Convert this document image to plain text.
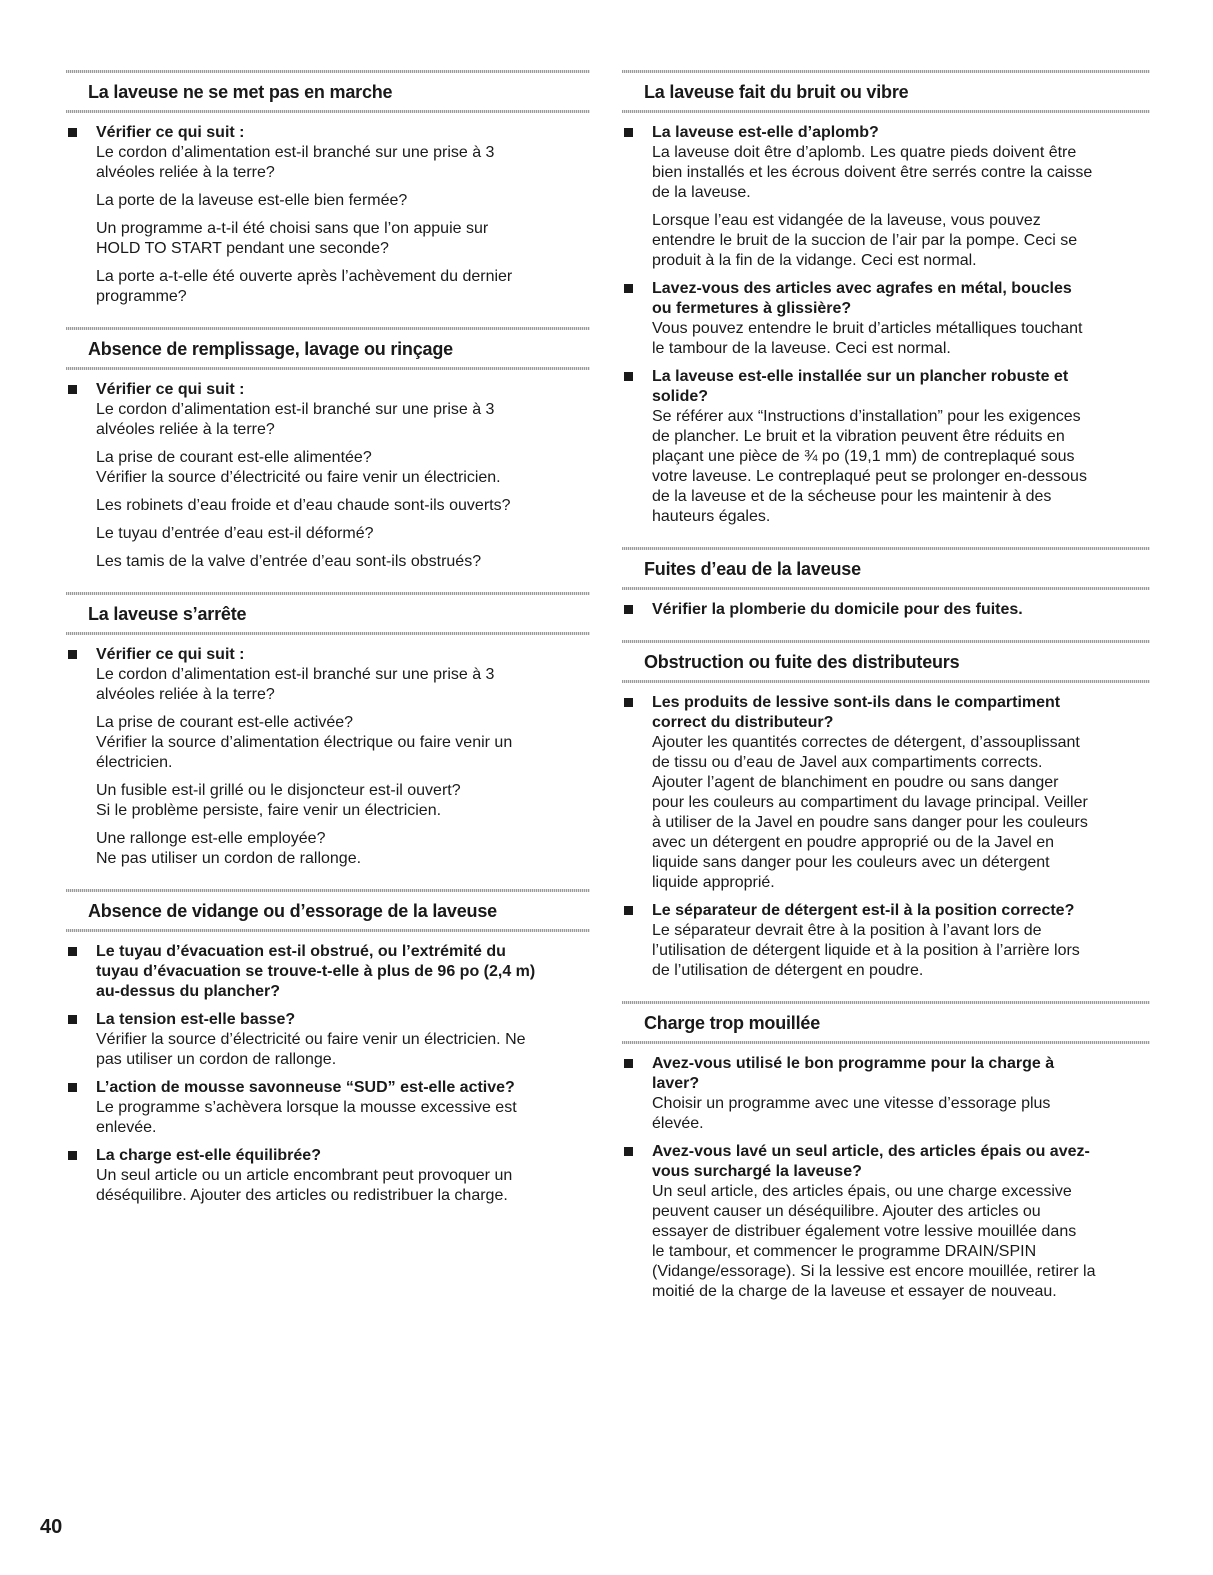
La laveuse ne se met pas en marche
Vérifier ce qui suit :
Le cordon d’alimentation est-il branché sur une prise à 3
alvéoles reliée à la terre?
La porte de la laveuse est-elle bien fermée?
Un programme a-t-il été choisi sans que l’on appuie sur
HOLD TO START pendant une seconde?
La porte a-t-elle été ouverte après l’achèvement du dernier
programme?
Absence de remplissage, lavage ou rinçage
Vérifier ce qui suit :
Le cordon d’alimentation est-il branché sur une prise à 3
alvéoles reliée à la terre?
La prise de courant est-elle alimentée?
Vérifier la source d’électricité ou faire venir un électricien.
Les robinets d’eau froide et d’eau chaude sont-ils ouverts?
Le tuyau d’entrée d’eau est-il déformé?
Les tamis de la valve d’entrée d’eau sont-ils obstrués?
La laveuse s’arrête
Vérifier ce qui suit :
Le cordon d’alimentation est-il branché sur une prise à 3
alvéoles reliée à la terre?
La prise de courant est-elle activée?
Vérifier la source d’alimentation électrique ou faire venir un
électricien.
Un fusible est-il grillé ou le disjoncteur est-il ouvert?
Si le problème persiste, faire venir un électricien.
Une rallonge est-elle employée?
Ne pas utiliser un cordon de rallonge.
Absence de vidange ou d’essorage de la laveuse
Le tuyau d’évacuation est-il obstrué, ou l’extrémité du
tuyau d’évacuation se trouve-t-elle à plus de 96 po (2,4 m)
au-dessus du plancher?
La tension est-elle basse?
Vérifier la source d’électricité ou faire venir un électricien. Ne
pas utiliser un cordon de rallonge.
L’action de mousse savonneuse “SUD” est-elle active?
Le programme s’achèvera lorsque la mousse excessive est
enlevée.
La charge est-elle équilibrée?
Un seul article ou un article encombrant peut provoquer un
déséquilibre. Ajouter des articles ou redistribuer la charge.
La laveuse fait du bruit ou vibre
La laveuse est-elle d’aplomb?
La laveuse doit être d’aplomb. Les quatre pieds doivent être
bien installés et les écrous doivent être serrés contre la caisse
de la laveuse.
Lorsque l’eau est vidangée de la laveuse, vous pouvez
entendre le bruit de la succion de l’air par la pompe. Ceci se
produit à la fin de la vidange. Ceci est normal.
Lavez-vous des articles avec agrafes en métal, boucles
ou fermetures à glissière?
Vous pouvez entendre le bruit d’articles métalliques touchant
le tambour de la laveuse. Ceci est normal.
La laveuse est-elle installée sur un plancher robuste et
solide?
Se référer aux “Instructions d’installation” pour les exigences
de plancher. Le bruit et la vibration peuvent être réduits en
plaçant une pièce de ¾ po (19,1 mm) de contreplaqué sous
votre laveuse. Le contreplaqué peut se prolonger en-dessous
de la laveuse et de la sécheuse pour les maintenir à des
hauteurs égales.
Fuites d’eau de la laveuse
Vérifier la plomberie du domicile pour des fuites.
Obstruction ou fuite des distributeurs
Les produits de lessive sont-ils dans le compartiment
correct du distributeur?
Ajouter les quantités correctes de détergent, d’assouplissant
de tissu ou d’eau de Javel aux compartiments corrects.
Ajouter l’agent de blanchiment en poudre ou sans danger
pour les couleurs au compartiment du lavage principal. Veiller
à utiliser de la Javel en poudre sans danger pour les couleurs
avec un détergent en poudre approprié ou de la Javel en
liquide sans danger pour les couleurs avec un détergent
liquide approprié.
Le séparateur de détergent est-il à la position correcte?
Le séparateur devrait être à la position à l’avant lors de
l’utilisation de détergent liquide et à la position à l’arrière lors
de l’utilisation de détergent en poudre.
Charge trop mouillée
Avez-vous utilisé le bon programme pour la charge à
laver?
Choisir un programme avec une vitesse d’essorage plus
élevée.
Avez-vous lavé un seul article, des articles épais ou avez-
vous surchargé la laveuse?
Un seul article, des articles épais, ou une charge excessive
peuvent causer un déséquilibre. Ajouter des articles ou
essayer de distribuer également votre lessive mouillée dans
le tambour, et commencer le programme DRAIN/SPIN
(Vidange/essorage). Si la lessive est encore mouillée, retirer la
moitié de la charge de la laveuse et essayer de nouveau.
40
